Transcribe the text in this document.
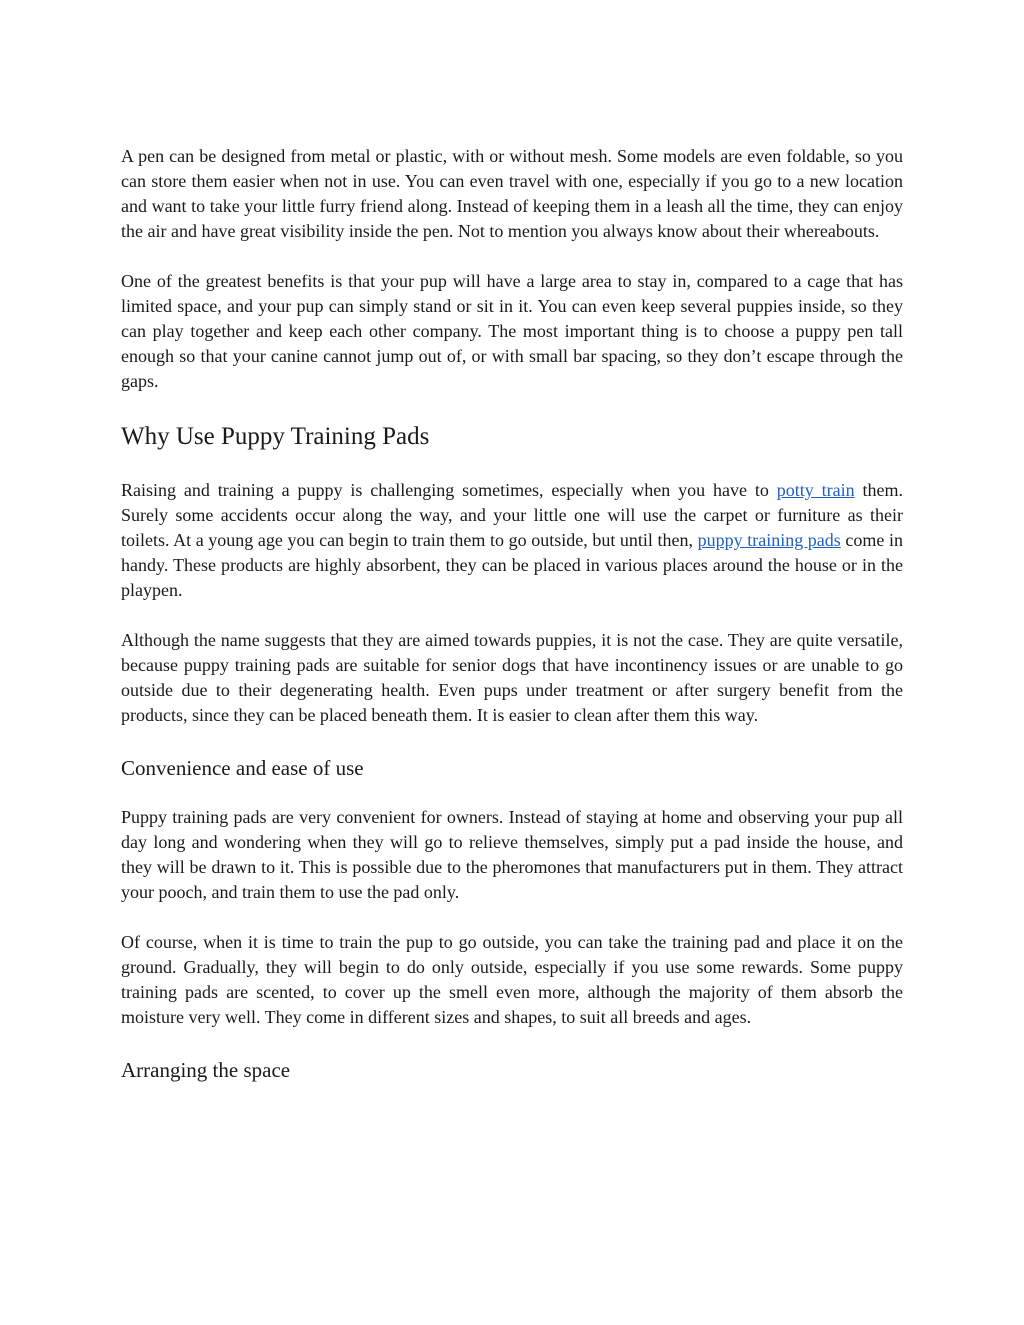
A pen can be designed from metal or plastic, with or without mesh. Some models are even foldable, so you can store them easier when not in use. You can even travel with one, especially if you go to a new location and want to take your little furry friend along. Instead of keeping them in a leash all the time, they can enjoy the air and have great visibility inside the pen. Not to mention you always know about their whereabouts.

One of the greatest benefits is that your pup will have a large area to stay in, compared to a cage that has limited space, and your pup can simply stand or sit in it. You can even keep several puppies inside, so they can play together and keep each other company. The most important thing is to choose a puppy pen tall enough so that your canine cannot jump out of, or with small bar spacing, so they don’t escape through the gaps.

Why Use Puppy Training Pads

Raising and training a puppy is challenging sometimes, especially when you have to potty train them. Surely some accidents occur along the way, and your little one will use the carpet or furniture as their toilets. At a young age you can begin to train them to go outside, but until then, puppy training pads come in handy. These products are highly absorbent, they can be placed in various places around the house or in the playpen.

Although the name suggests that they are aimed towards puppies, it is not the case. They are quite versatile, because puppy training pads are suitable for senior dogs that have incontinency issues or are unable to go outside due to their degenerating health. Even pups under treatment or after surgery benefit from the products, since they can be placed beneath them. It is easier to clean after them this way.

Convenience and ease of use

Puppy training pads are very convenient for owners. Instead of staying at home and observing your pup all day long and wondering when they will go to relieve themselves, simply put a pad inside the house, and they will be drawn to it. This is possible due to the pheromones that manufacturers put in them. They attract your pooch, and train them to use the pad only.

Of course, when it is time to train the pup to go outside, you can take the training pad and place it on the ground. Gradually, they will begin to do only outside, especially if you use some rewards. Some puppy training pads are scented, to cover up the smell even more, although the majority of them absorb the moisture very well. They come in different sizes and shapes, to suit all breeds and ages.

Arranging the space
